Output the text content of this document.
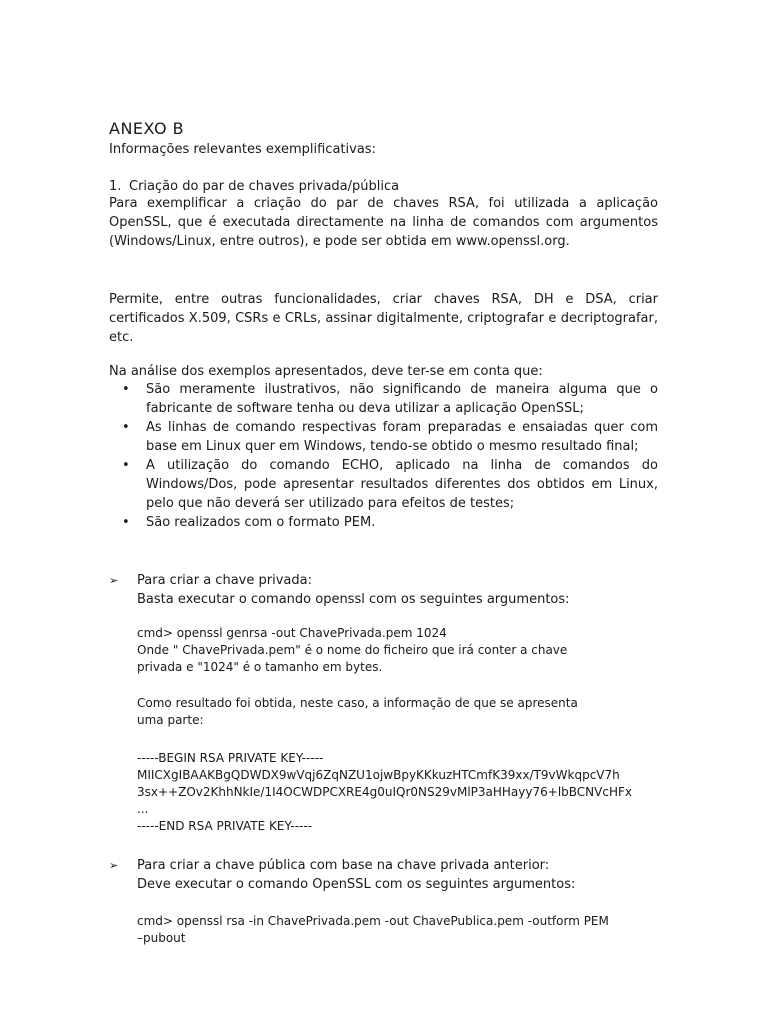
ANEXO B

Informações relevantes exemplificativas:

1. Criação do par de chaves privada/pública

Para exemplificar a criação do par de chaves RSA, foi utilizada a aplicação OpenSSL, que é executada directamente na linha de comandos com argumentos (Windows/Linux, entre outros), e pode ser obtida em www.openssl.org.

Permite, entre outras funcionalidades, criar chaves RSA, DH e DSA, criar certificados X.509, CSRs e CRLs, assinar digitalmente, criptografar e decriptografar, etc.

Na análise dos exemplos apresentados, deve ter-se em conta que:

• São meramente ilustrativos, não significando de maneira alguma que o fabricante de software tenha ou deva utilizar a aplicação OpenSSL;
• As linhas de comando respectivas foram preparadas e ensaiadas quer com base em Linux quer em Windows, tendo-se obtido o mesmo resultado final;
• A utilização do comando ECHO, aplicado na linha de comandos do Windows/Dos, pode apresentar resultados diferentes dos obtidos em Linux, pelo que não deverá ser utilizado para efeitos de testes;
• São realizados com o formato PEM.
➢	Para criar a chave privada:
Basta executar o comando openssl com os seguintes argumentos:
cmd> openssl genrsa -out ChavePrivada.pem 1024
Onde " ChavePrivada.pem" é o nome do ficheiro que irá conter a chave
privada e "1024" é o tamanho em bytes.
Como resultado foi obtida, neste caso, a informação de que se apresenta
uma parte:
-----BEGIN RSA PRIVATE KEY-----
MIICXgIBAAKBgQDWDX9wVqj6ZqNZU1ojwBpyKKkuzHTCmfK39xx/T9vWkqpcV7h
3sx++ZOv2KhhNkIe/1I4OCWDPCXRE4g0uIQr0NS29vMlP3aHHayy76+lbBCNVcHFx
...
-----END RSA PRIVATE KEY-----
➢	Para criar a chave pública com base na chave privada anterior:
Deve executar o comando OpenSSL com os seguintes argumentos:
cmd> openssl rsa -in ChavePrivada.pem -out ChavePublica.pem -outform PEM
–pubout
